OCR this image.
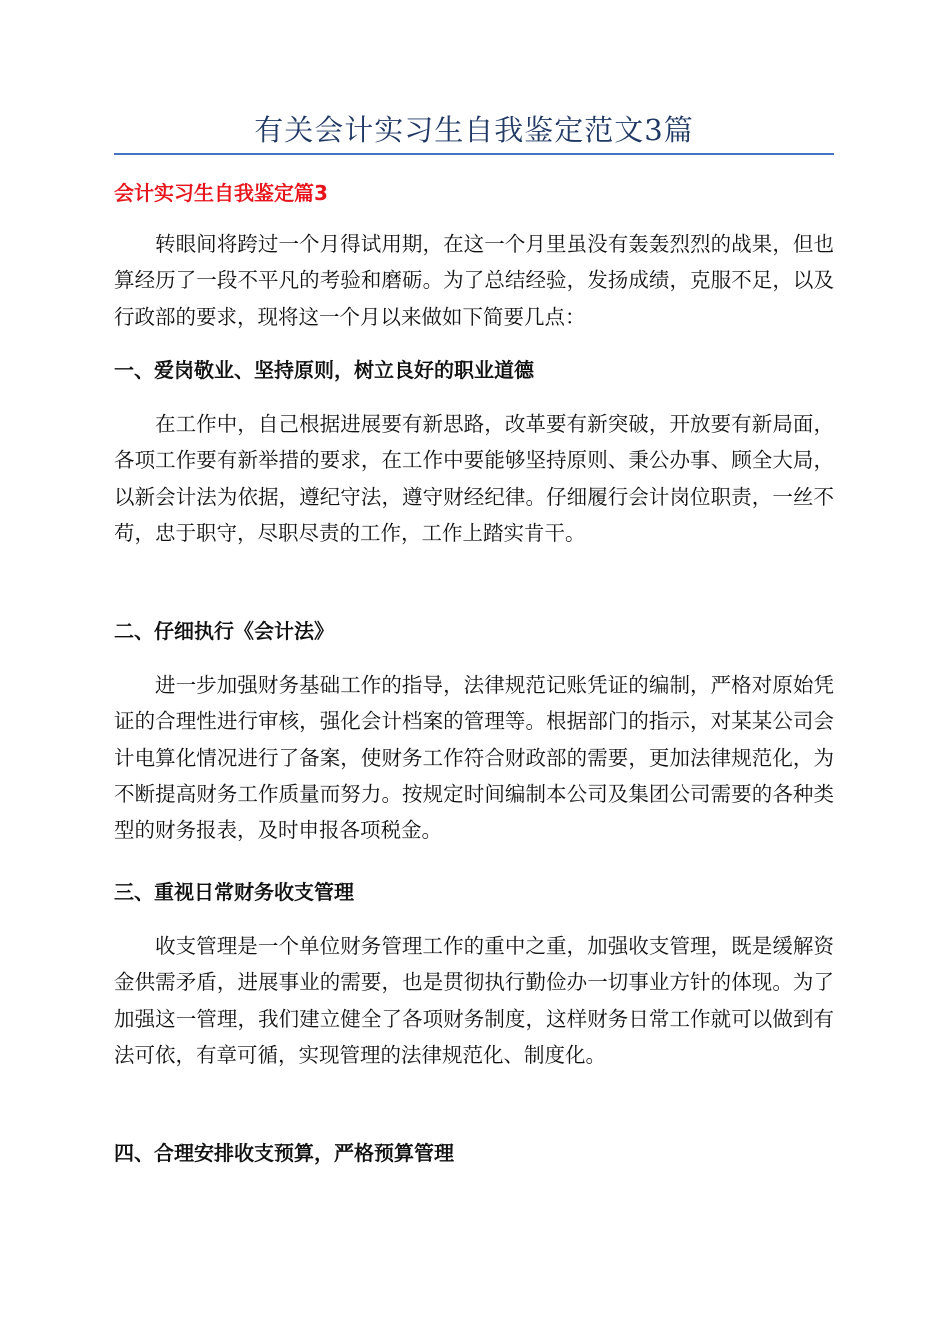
有关会计实习生自我鉴定范文3篇
会计实习生自我鉴定篇3

转眼间将跨过一个月得试用期，在这一个月里虽没有轰轰烈烈的战果，但也算经历了一段不平凡的考验和磨砺。为了总结经验，发扬成绩，克服不足，以及行政部的要求，现将这一个月以来做如下简要几点：

一、爱岗敬业、坚持原则，树立良好的职业道德

在工作中，自己根据进展要有新思路，改革要有新突破，开放要有新局面，各项工作要有新举措的要求，在工作中要能够坚持原则、秉公办事、顾全大局，以新会计法为依据，遵纪守法，遵守财经纪律。仔细履行会计岗位职责，一丝不苟，忠于职守，尽职尽责的工作，工作上踏实肯干。

二、仔细执行《会计法》

进一步加强财务基础工作的指导，法律规范记账凭证的编制，严格对原始凭证的合理性进行审核，强化会计档案的管理等。根据部门的指示，对某某公司会计电算化情况进行了备案，使财务工作符合财政部的需要，更加法律规范化，为不断提高财务工作质量而努力。按规定时间编制本公司及集团公司需要的各种类型的财务报表，及时申报各项税金。

三、重视日常财务收支管理

收支管理是一个单位财务管理工作的重中之重，加强收支管理，既是缓解资金供需矛盾，进展事业的需要，也是贯彻执行勤俭办一切事业方针的体现。为了加强这一管理，我们建立健全了各项财务制度，这样财务日常工作就可以做到有法可依，有章可循，实现管理的法律规范化、制度化。

四、合理安排收支预算，严格预算管理
